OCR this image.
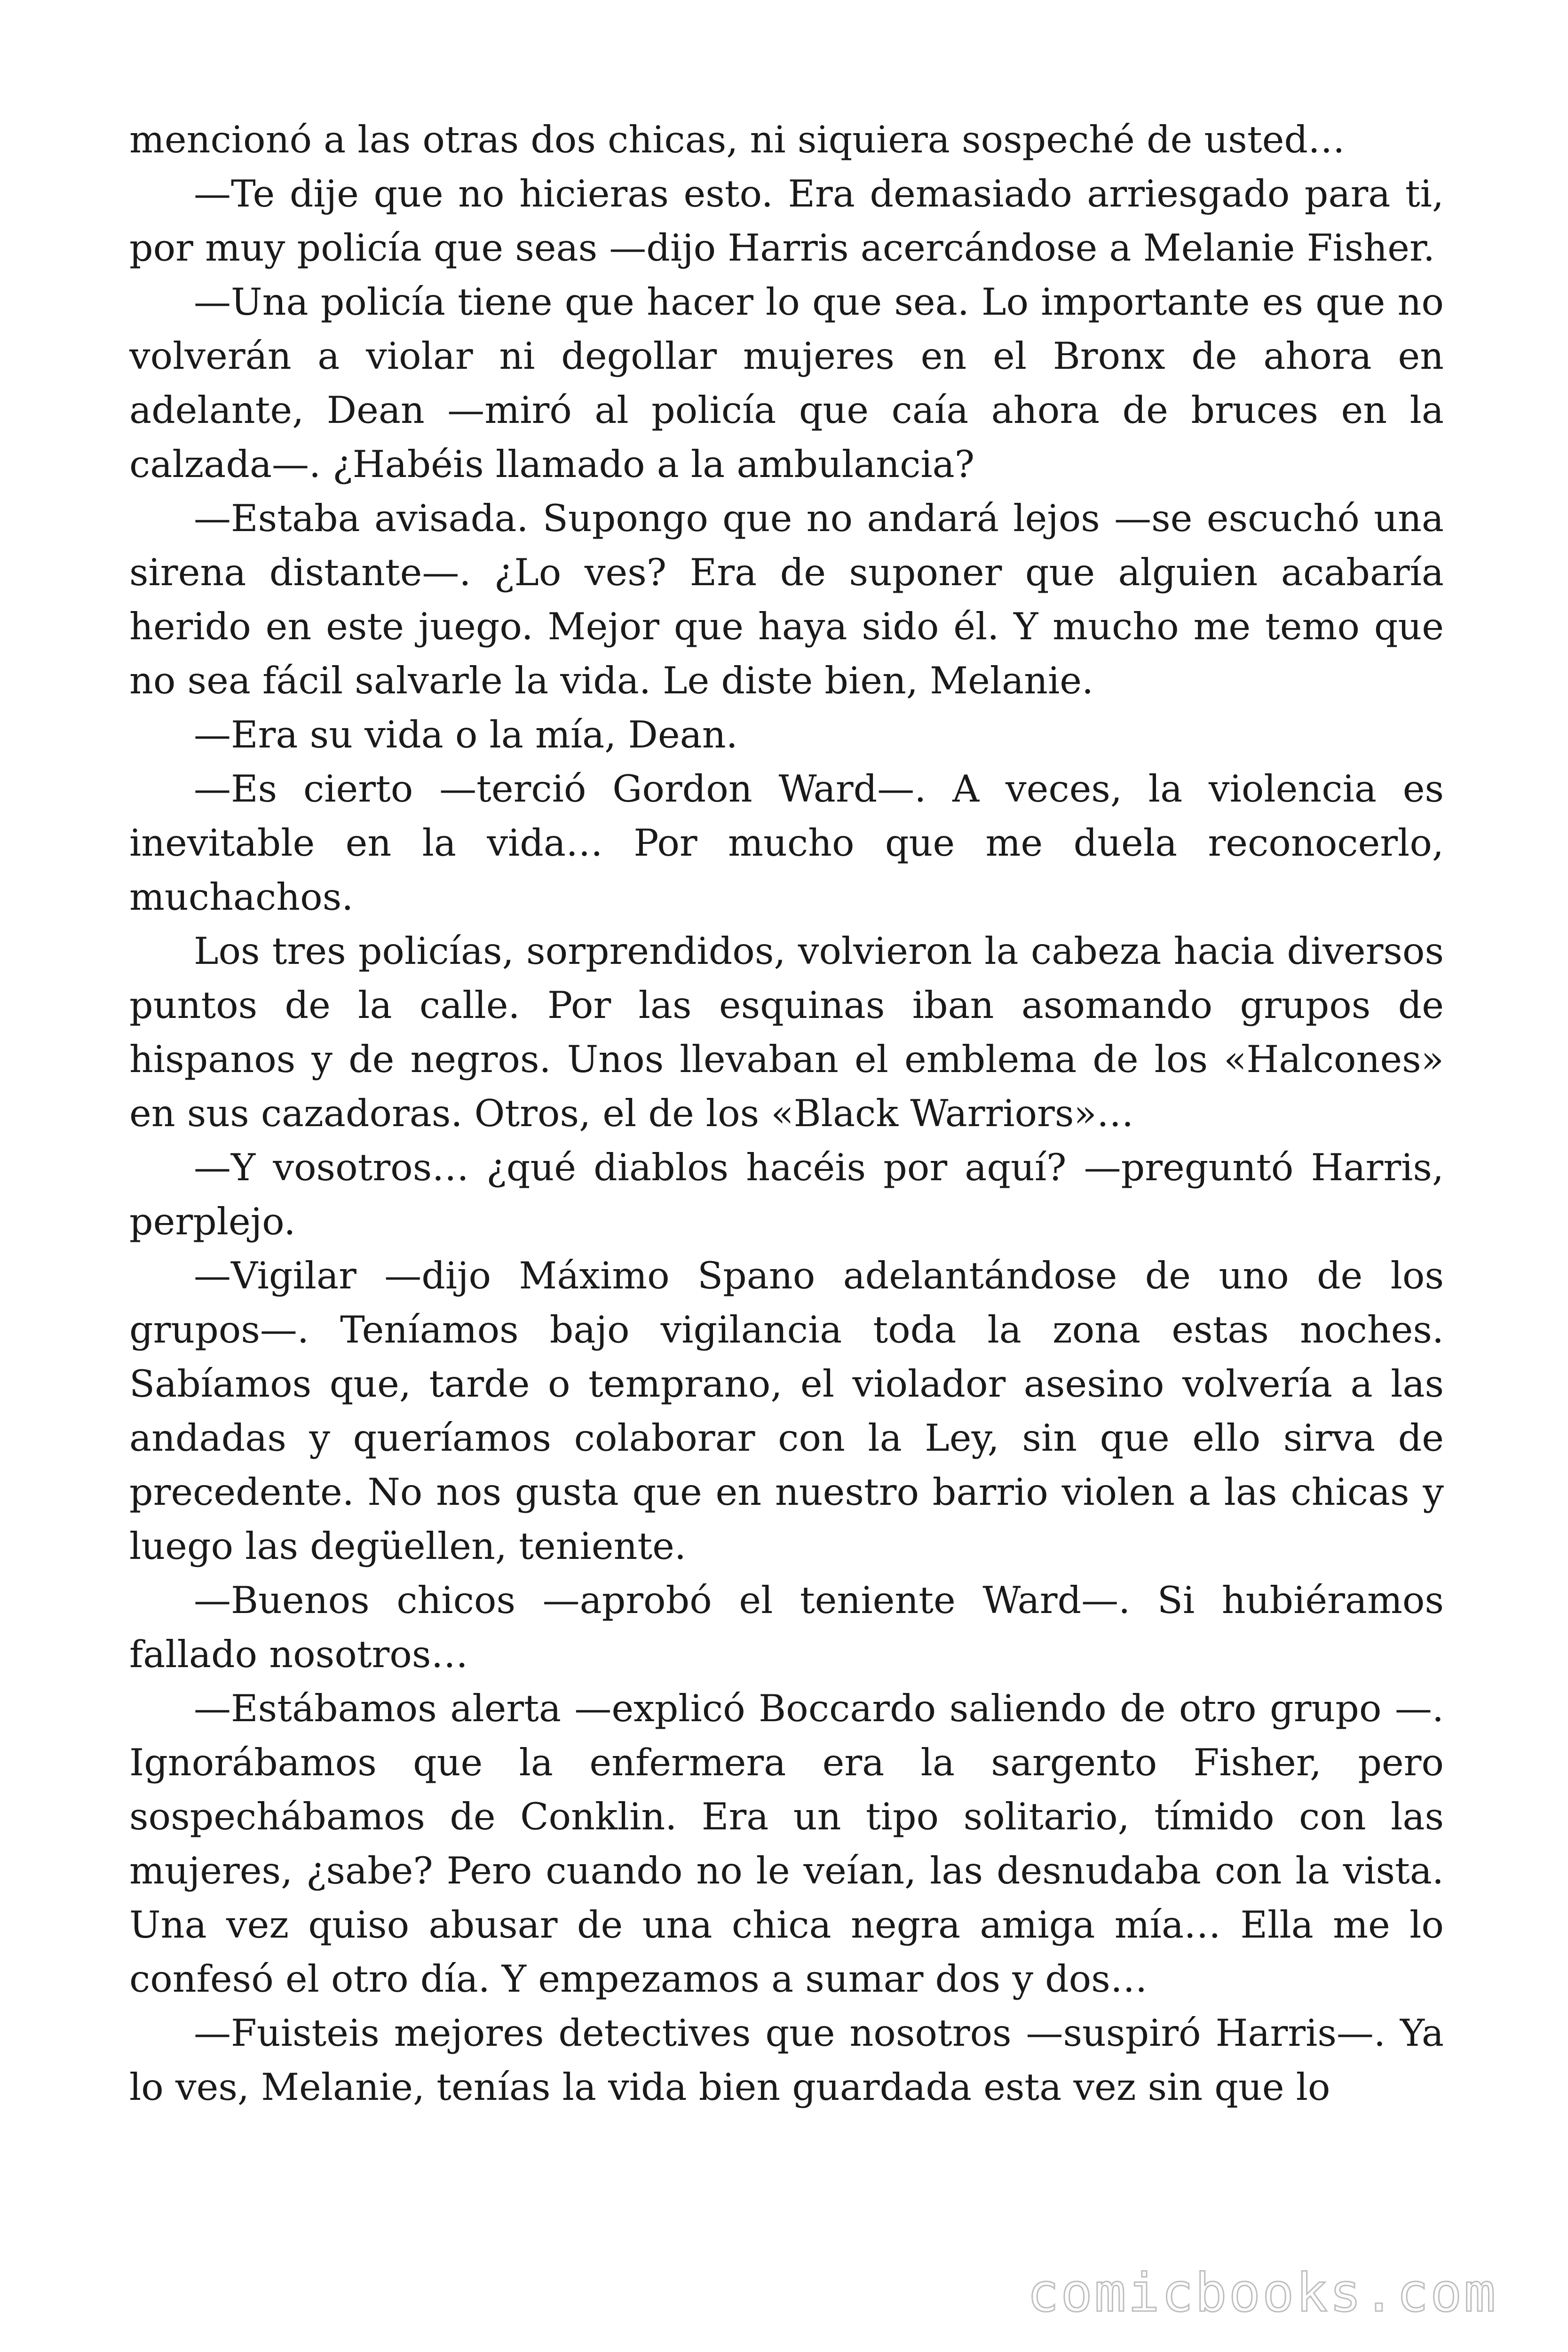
mencionó a las otras dos chicas, ni siquiera sospeché de usted…

—Te dije que no hicieras esto. Era demasiado arriesgado para ti, por muy policía que seas —dijo Harris acercándose a Melanie Fisher.

—Una policía tiene que hacer lo que sea. Lo importante es que no volverán a violar ni degollar mujeres en el Bronx de ahora en adelante, Dean —miró al policía que caía ahora de bruces en la calzada—. ¿Habéis llamado a la ambulancia?

—Estaba avisada. Supongo que no andará lejos —se escuchó una sirena distante—. ¿Lo ves? Era de suponer que alguien acabaría herido en este juego. Mejor que haya sido él. Y mucho me temo que no sea fácil salvarle la vida. Le diste bien, Melanie.

—Era su vida o la mía, Dean.

—Es cierto —terció Gordon Ward—. A veces, la violencia es inevitable en la vida… Por mucho que me duela reconocerlo, muchachos.

Los tres policías, sorprendidos, volvieron la cabeza hacia diversos puntos de la calle. Por las esquinas iban asomando grupos de hispanos y de negros. Unos llevaban el emblema de los «Halcones» en sus cazadoras. Otros, el de los «Black Warriors»…

—Y vosotros… ¿qué diablos hacéis por aquí? —preguntó Harris, perplejo.

—Vigilar —dijo Máximo Spano adelantándose de uno de los grupos—. Teníamos bajo vigilancia toda la zona estas noches. Sabíamos que, tarde o temprano, el violador asesino volvería a las andadas y queríamos colaborar con la Ley, sin que ello sirva de precedente. No nos gusta que en nuestro barrio violen a las chicas y luego las degüellen, teniente.

—Buenos chicos —aprobó el teniente Ward—. Si hubiéramos fallado nosotros…

—Estábamos alerta —explicó Boccardo saliendo de otro grupo —. Ignorábamos que la enfermera era la sargento Fisher, pero sospechábamos de Conklin. Era un tipo solitario, tímido con las mujeres, ¿sabe? Pero cuando no le veían, las desnudaba con la vista. Una vez quiso abusar de una chica negra amiga mía… Ella me lo confesó el otro día. Y empezamos a sumar dos y dos…

—Fuisteis mejores detectives que nosotros —suspiró Harris—. Ya lo ves, Melanie, tenías la vida bien guardada esta vez sin que lo

comicbooks.com
